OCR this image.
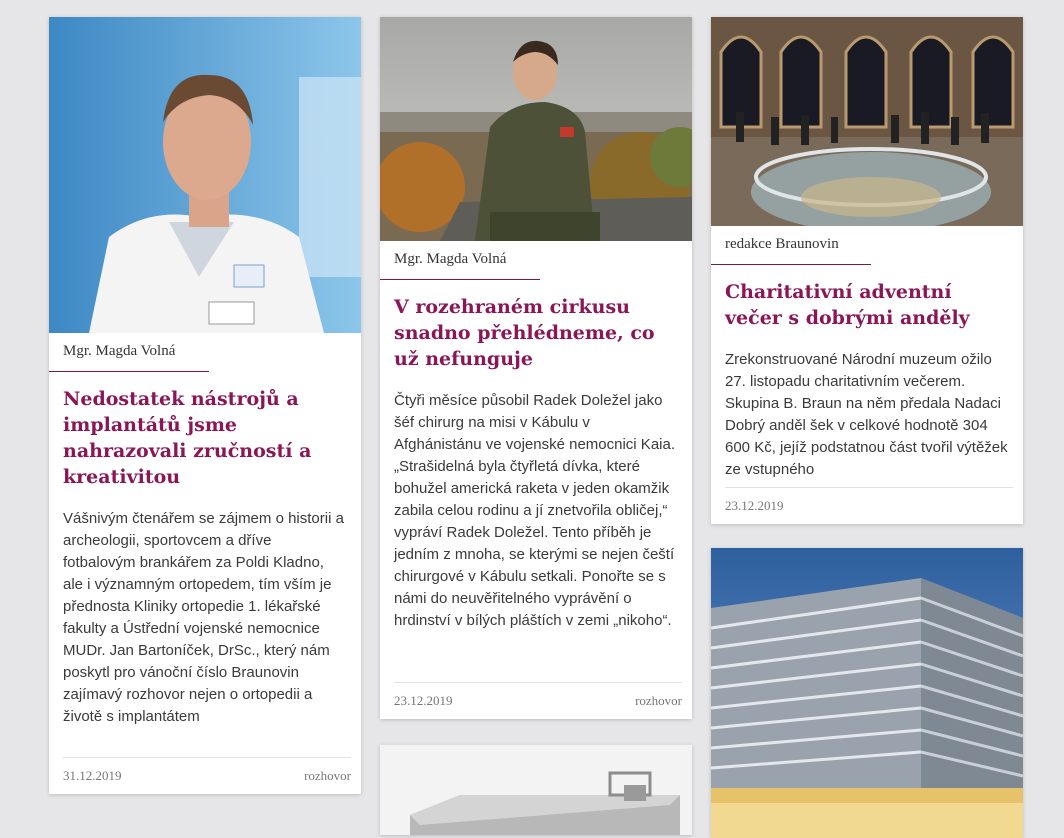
Mgr. Magda Volná
Nedostatek nástrojů a implantátů jsme nahrazovali zručností a kreativitou

Vášnivým čtenářem se zájmem o historii a archeologii, sportovcem a dříve fotbalovým brankářem za Poldi Kladno, ale i významným ortopedem, tím vším je přednosta Kliniky ortopedie 1. lékařské fakulty a Ústřední vojenské nemocnice MUDr. Jan Bartoníček, DrSc., který nám poskytl pro vánoční číslo Braunovin zajímavý rozhovor nejen o ortopedii a životě s implantátem

31.12.2019	rozhovor
Mgr. Magda Volná
V rozehraném cirkusu snadno přehlédneme, co už nefunguje

Čtyři měsíce působil Radek Doležel jako šéf chirurg na misi v Kábulu v Afghánistánu ve vojenské nemocnici Kaia. „Strašidelná byla čtyřletá dívka, které bohužel americká raketa v jeden okamžik zabila celou rodinu a jí znetvořila obličej,“ vypráví Radek Doležel. Tento příběh je jedním z mnoha, se kterými se nejen čeští chirurgové v Kábulu setkali. Ponořte se s námi do neuvěřitelného vyprávění o hrdinství v bílých pláštích v zemi „nikoho“.

23.12.2019	rozhovor
redakce Braunovin
Charitativní adventní večer s dobrými anděly

Zrekonstruované Národní muzeum ožilo 27. listopadu charitativním večerem. Skupina B. Braun na něm předala Nadaci Dobrý anděl šek v celkové hodnotě 304 600 Kč, jejíž podstatnou část tvořil výtěžek ze vstupného

23.12.2019
